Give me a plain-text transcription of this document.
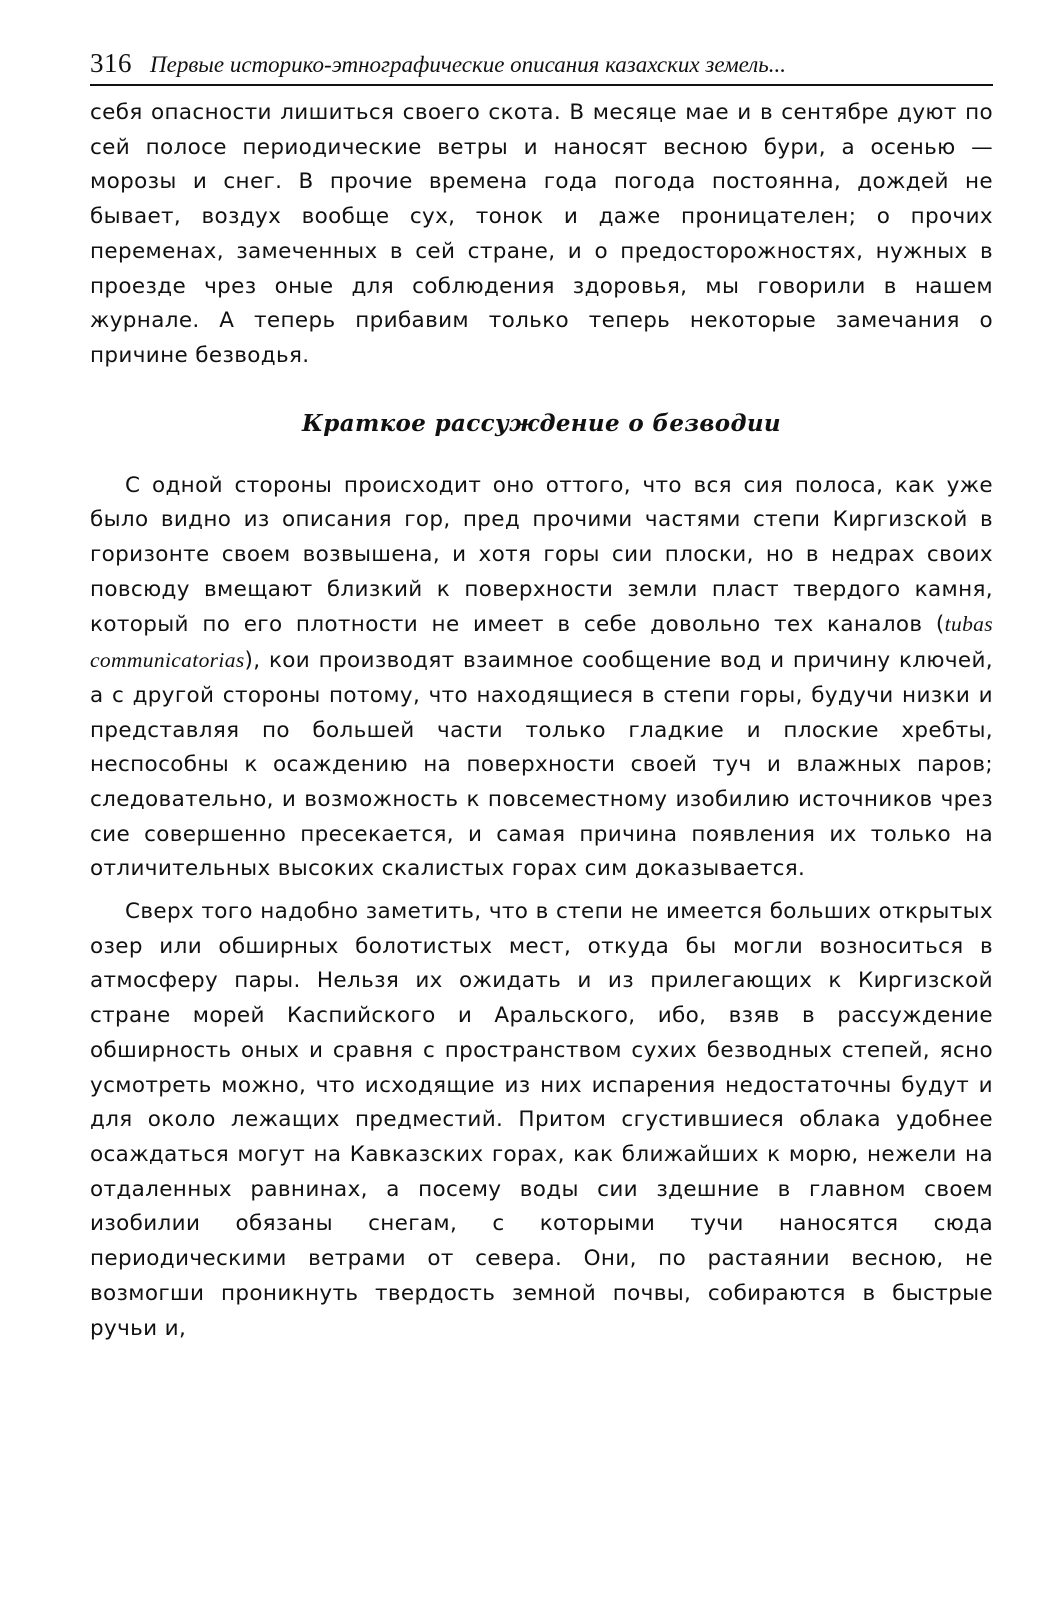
316 Первые историко-этнографические описания казахских земель...

себя опасности лишиться своего скота. В месяце мае и в сентябре дуют по сей полосе периодические ветры и наносят весною бури, а осенью — морозы и снег. В прочие времена года погода постоянна, дождей не бывает, воздух вообще сух, тонок и даже проницателен; о прочих переменах, замеченных в сей стране, и о предосторожностях, нужных в проезде чрез оные для соблюдения здоровья, мы говорили в нашем журнале. А теперь прибавим только теперь некоторые замечания о причине безводья.

Краткое рассуждение о безводии

С одной стороны происходит оно оттого, что вся сия полоса, как уже было видно из описания гор, пред прочими частями степи Киргизской в горизонте своем возвышена, и хотя горы сии плоски, но в недрах своих повсюду вмещают близкий к поверхности земли пласт твердого камня, который по его плотности не имеет в себе довольно тех каналов (tubas communicatorias), кои производят взаимное сообщение вод и причину ключей, а с другой стороны потому, что находящиеся в степи горы, будучи низки и представляя по большей части только гладкие и плоские хребты, неспособны к осаждению на поверхности своей туч и влажных паров; следовательно, и возможность к повсеместному изобилию источников чрез сие совершенно пресекается, и самая причина появления их только на отличительных высоких скалистых горах сим доказывается.

Сверх того надобно заметить, что в степи не имеется больших открытых озер или обширных болотистых мест, откуда бы могли возноситься в атмосферу пары. Нельзя их ожидать и из прилегающих к Киргизской стране морей Каспийского и Аральского, ибо, взяв в рассуждение обширность оных и сравня с пространством сухих безводных степей, ясно усмотреть можно, что исходящие из них испарения недостаточны будут и для около лежащих предместий. Притом сгустившиеся облака удобнее осаждаться могут на Кавказских горах, как ближайших к морю, нежели на отдаленных равнинах, а посему воды сии здешние в главном своем изобилии обязаны снегам, с которыми тучи наносятся сюда периодическими ветрами от севера. Они, по растаянии весною, не возмогши проникнуть твердость земной почвы, собираются в быстрые ручьи и,
